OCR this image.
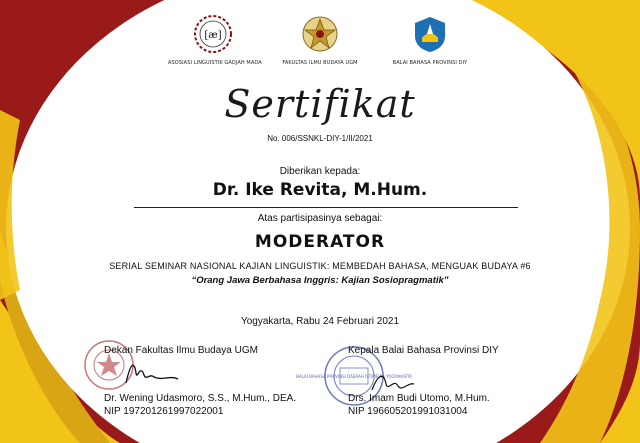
[æ]
ASOSIASI LINGUISTIK GADJAH MADA	FAKULTAS ILMU BUDAYA UGM	BALAI BAHASA PROVINSI DIY
Sertifikat
No. 006/SSNKL-DIY-1/II/2021
Diberikan kepada:
Dr. Ike Revita, M.Hum.
Atas partisipasinya sebagai:
MODERATOR
SERIAL SEMINAR NASIONAL KAJIAN LINGUISTIK: MEMBEDAH BAHASA, MENGUAK BUDAYA #6
“Orang Jawa Berbahasa Inggris: Kajian Sosiopragmatik”
Yogyakarta, Rabu 24 Februari 2021
Dekan Fakultas Ilmu Budaya UGM
Dr. Wening Udasmoro, S.S., M.Hum., DEA.
NIP 197201261997022001
BALAI BAHASA PROVINSI DAERAH ISTIMEWA YOGYAKARTA
Kepala Balai Bahasa Provinsi DIY
Drs. Imam Budi Utomo, M.Hum.
NIP 196605201991031004
